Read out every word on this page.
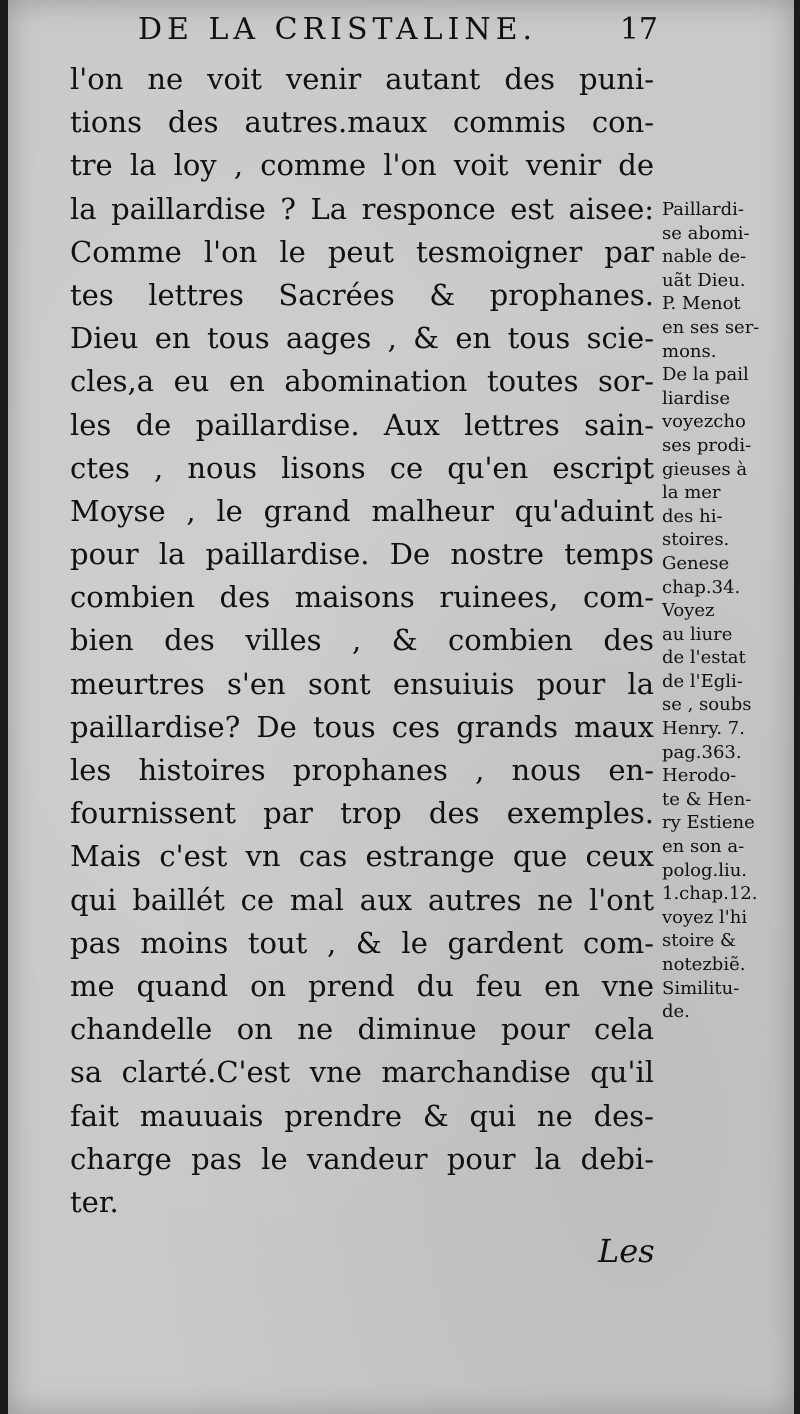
DE LA CRISTALINE.	17
l'on ne voit venir autant des puni-
tions des autres.maux commis con-
tre la loy , comme l'on voit venir de
la paillardise ? La responce est aisee:
Comme l'on le peut tesmoigner par
tes lettres Sacrées & prophanes.
Dieu en tous aages , & en tous scie-
cles,a eu en abomination toutes sor-
les de paillardise. Aux lettres sain-
ctes , nous lisons ce qu'en escript
Moyse , le grand malheur qu'aduint
pour la paillardise. De nostre temps
combien des maisons ruinees, com-
bien des villes , & combien des
meurtres s'en sont ensuiuis pour la
paillardise? De tous ces grands maux
les histoires prophanes , nous en-
fournissent par trop des exemples.
Mais c'est vn cas estrange que ceux
qui baillét ce mal aux autres ne l'ont
pas moins tout , & le gardent com-
me quand on prend du feu en vne
chandelle on ne diminue pour cela
sa clarté.C'est vne marchandise qu'il
fait mauuais prendre & qui ne des-
charge pas le vandeur pour la debi-
ter.
Paillardi-
se abomi-
nable de-
uãt Dieu.
P. Menot
en ses ser-
mons.
De la pail
liardise
voyezcho
ses prodi-
gieuses à
la mer
des hi-
stoires.
Genese
chap.34.
Voyez
au liure
de l'estat
de l'Egli-
se , soubs
Henry. 7.
pag.363.
Herodo-
te & Hen-
ry Estiene
en son a-
polog.liu.
1.chap.12.
voyez l'hi
stoire &
notezbiẽ.
Similitu-
de.
Les
